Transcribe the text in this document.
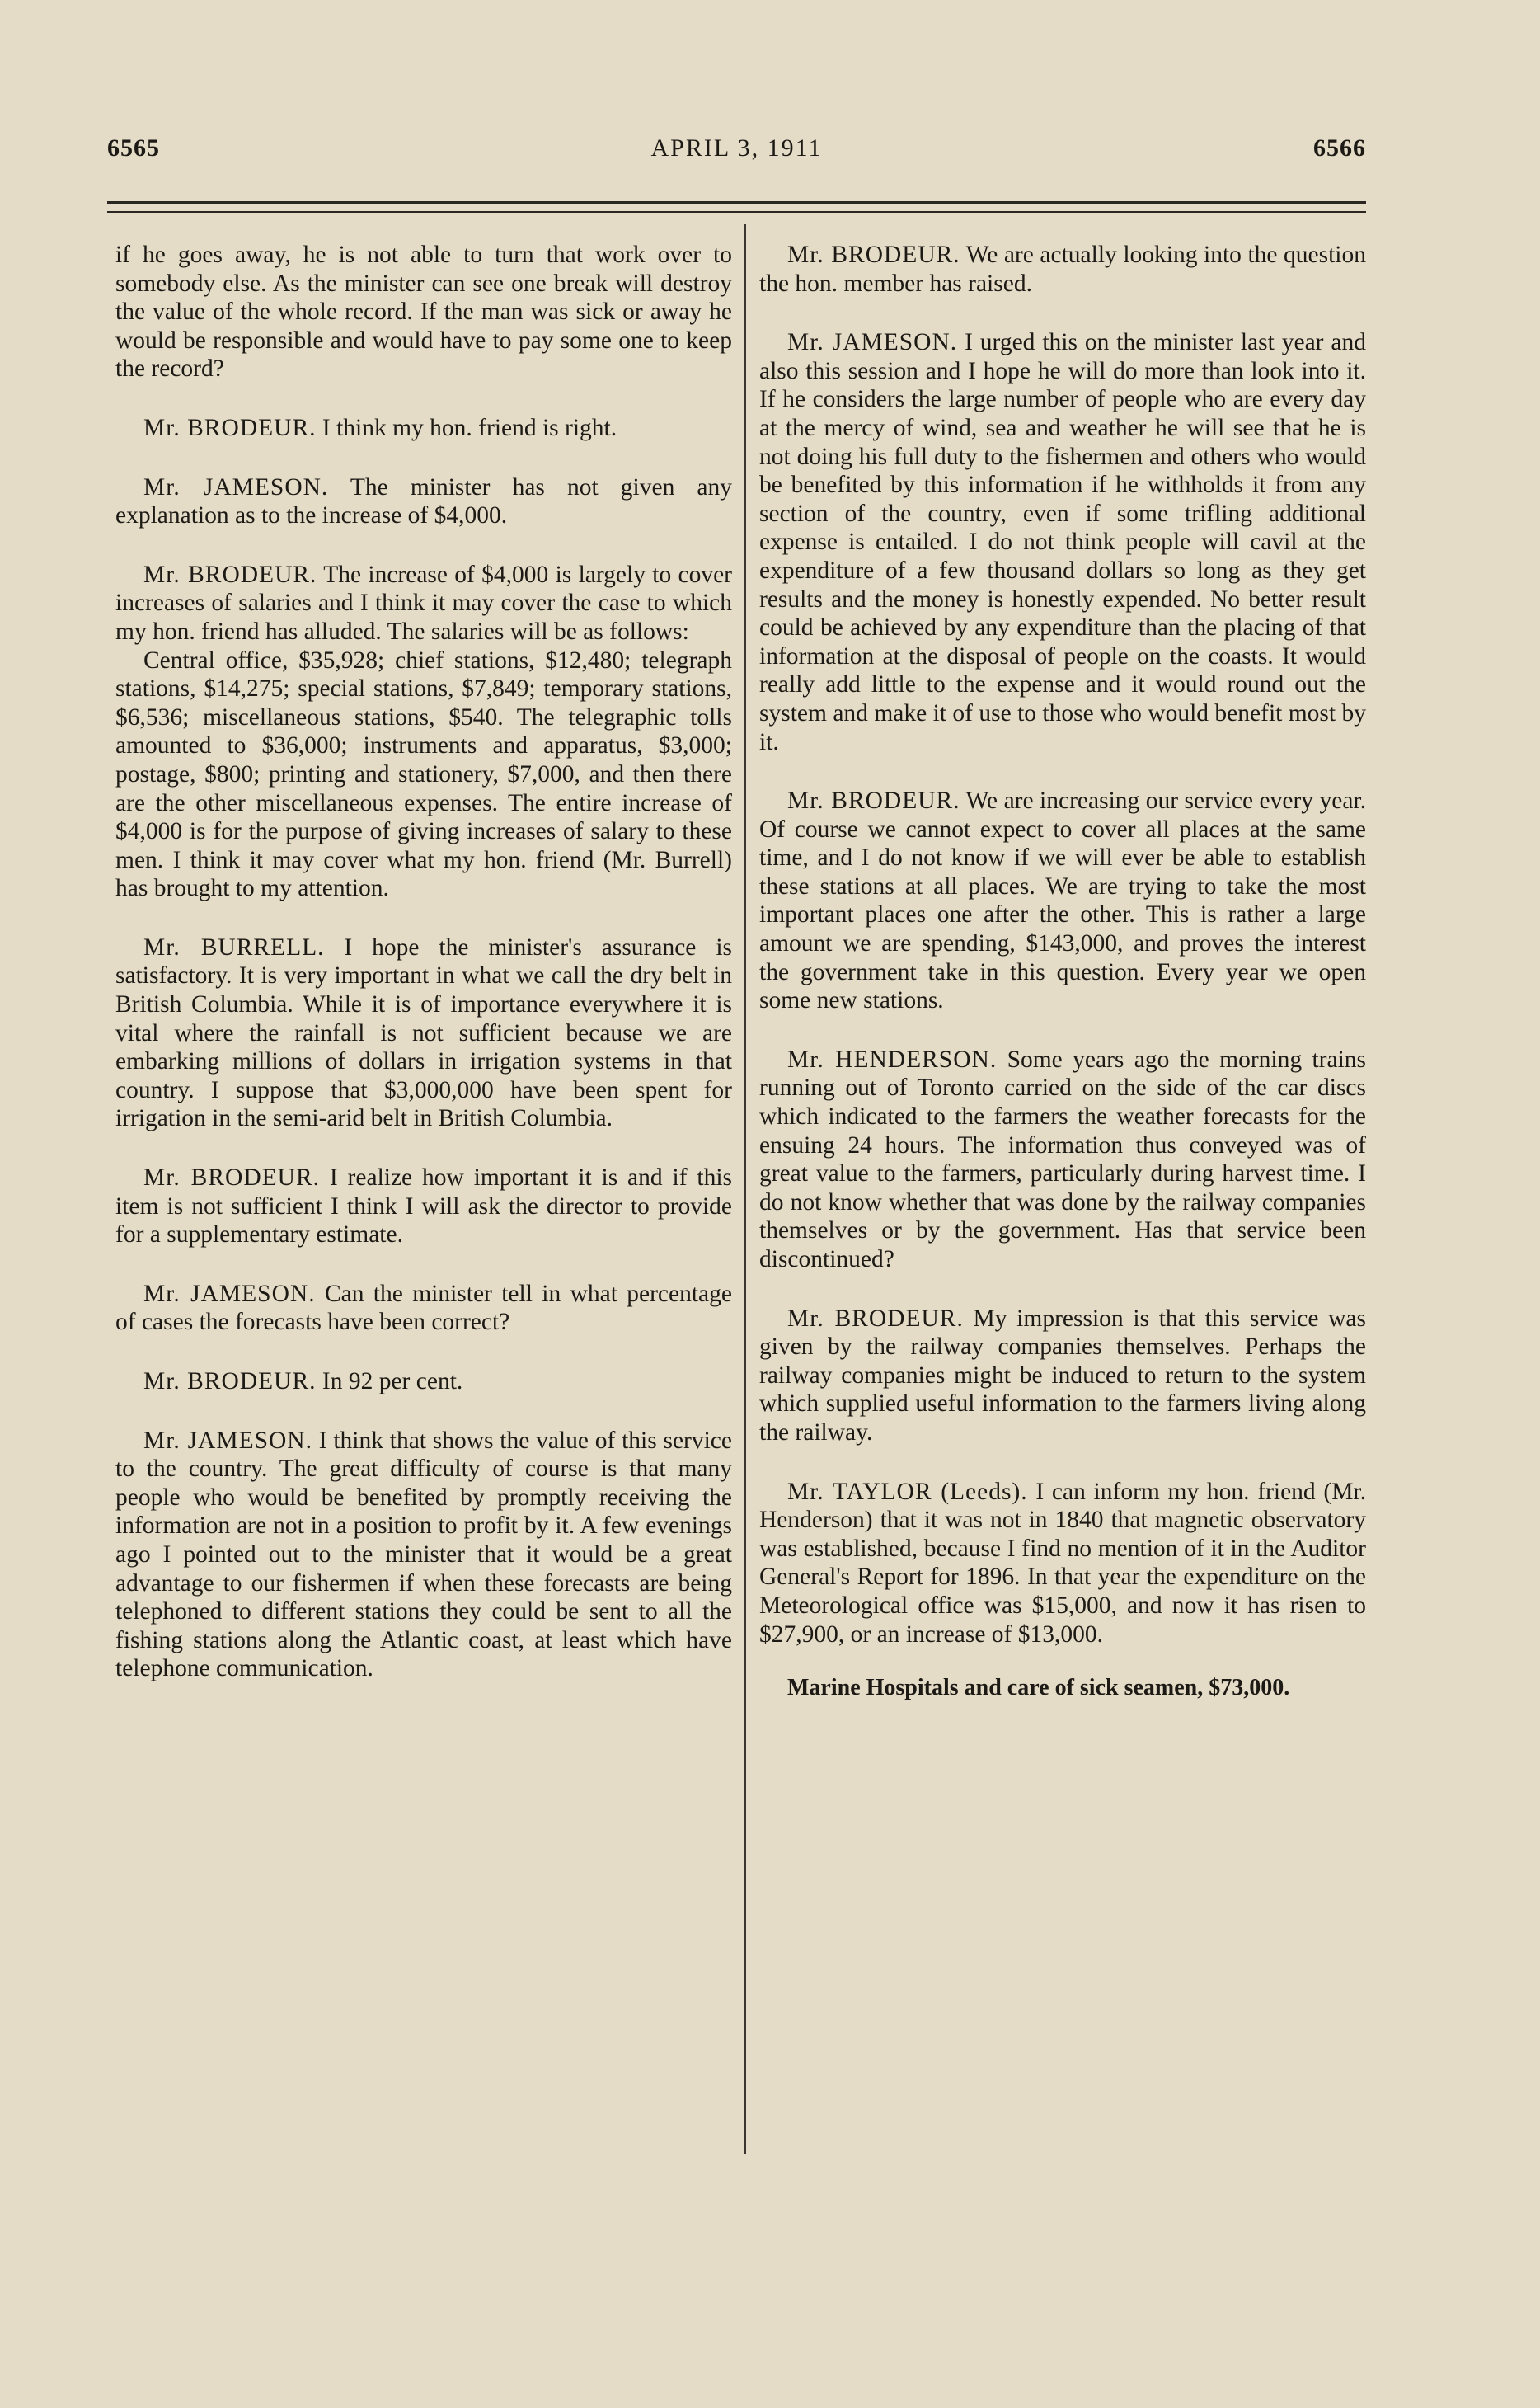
6565	APRIL 3, 1911	6566

if he goes away, he is not able to turn that work over to somebody else. As the minister can see one break will destroy the value of the whole record. If the man was sick or away he would be responsible and would have to pay some one to keep the record?

Mr. BRODEUR. I think my hon. friend is right.

Mr. JAMESON. The minister has not given any explanation as to the increase of $4,000.

Mr. BRODEUR. The increase of $4,000 is largely to cover increases of salaries and I think it may cover the case to which my hon. friend has alluded. The salaries will be as follows:

Central office, $35,928; chief stations, $12,480; telegraph stations, $14,275; special stations, $7,849; temporary stations, $6,536; miscellaneous stations, $540. The telegraphic tolls amounted to $36,000; instruments and apparatus, $3,000; postage, $800; printing and stationery, $7,000, and then there are the other miscellaneous expenses. The entire increase of $4,000 is for the purpose of giving increases of salary to these men. I think it may cover what my hon. friend (Mr. Burrell) has brought to my attention.

Mr. BURRELL. I hope the minister's assurance is satisfactory. It is very important in what we call the dry belt in British Columbia. While it is of importance everywhere it is vital where the rainfall is not sufficient because we are embarking millions of dollars in irrigation systems in that country. I suppose that $3,000,000 have been spent for irrigation in the semi-arid belt in British Columbia.

Mr. BRODEUR. I realize how important it is and if this item is not sufficient I think I will ask the director to provide for a supplementary estimate.

Mr. JAMESON. Can the minister tell in what percentage of cases the forecasts have been correct?

Mr. BRODEUR. In 92 per cent.

Mr. JAMESON. I think that shows the value of this service to the country. The great difficulty of course is that many people who would be benefited by promptly receiving the information are not in a position to profit by it. A few evenings ago I pointed out to the minister that it would be a great advantage to our fishermen if when these forecasts are being telephoned to different stations they could be sent to all the fishing stations along the Atlantic coast, at least which have telephone communication.

Mr. BRODEUR. We are actually looking into the question the hon. member has raised.

Mr. JAMESON. I urged this on the minister last year and also this session and I hope he will do more than look into it. If he considers the large number of people who are every day at the mercy of wind, sea and weather he will see that he is not doing his full duty to the fishermen and others who would be benefited by this information if he withholds it from any section of the country, even if some trifling additional expense is entailed. I do not think people will cavil at the expenditure of a few thousand dollars so long as they get results and the money is honestly expended. No better result could be achieved by any expenditure than the placing of that information at the disposal of people on the coasts. It would really add little to the expense and it would round out the system and make it of use to those who would benefit most by it.

Mr. BRODEUR. We are increasing our service every year. Of course we cannot expect to cover all places at the same time, and I do not know if we will ever be able to establish these stations at all places. We are trying to take the most important places one after the other. This is rather a large amount we are spending, $143,000, and proves the interest the government take in this question. Every year we open some new stations.

Mr. HENDERSON. Some years ago the morning trains running out of Toronto carried on the side of the car discs which indicated to the farmers the weather forecasts for the ensuing 24 hours. The information thus conveyed was of great value to the farmers, particularly during harvest time. I do not know whether that was done by the railway companies themselves or by the government. Has that service been discontinued?

Mr. BRODEUR. My impression is that this service was given by the railway companies themselves. Perhaps the railway companies might be induced to return to the system which supplied useful information to the farmers living along the railway.

Mr. TAYLOR (Leeds). I can inform my hon. friend (Mr. Henderson) that it was not in 1840 that magnetic observatory was established, because I find no mention of it in the Auditor General's Report for 1896. In that year the expenditure on the Meteorological office was $15,000, and now it has risen to $27,900, or an increase of $13,000.

Marine Hospitals and care of sick seamen, $73,000.
